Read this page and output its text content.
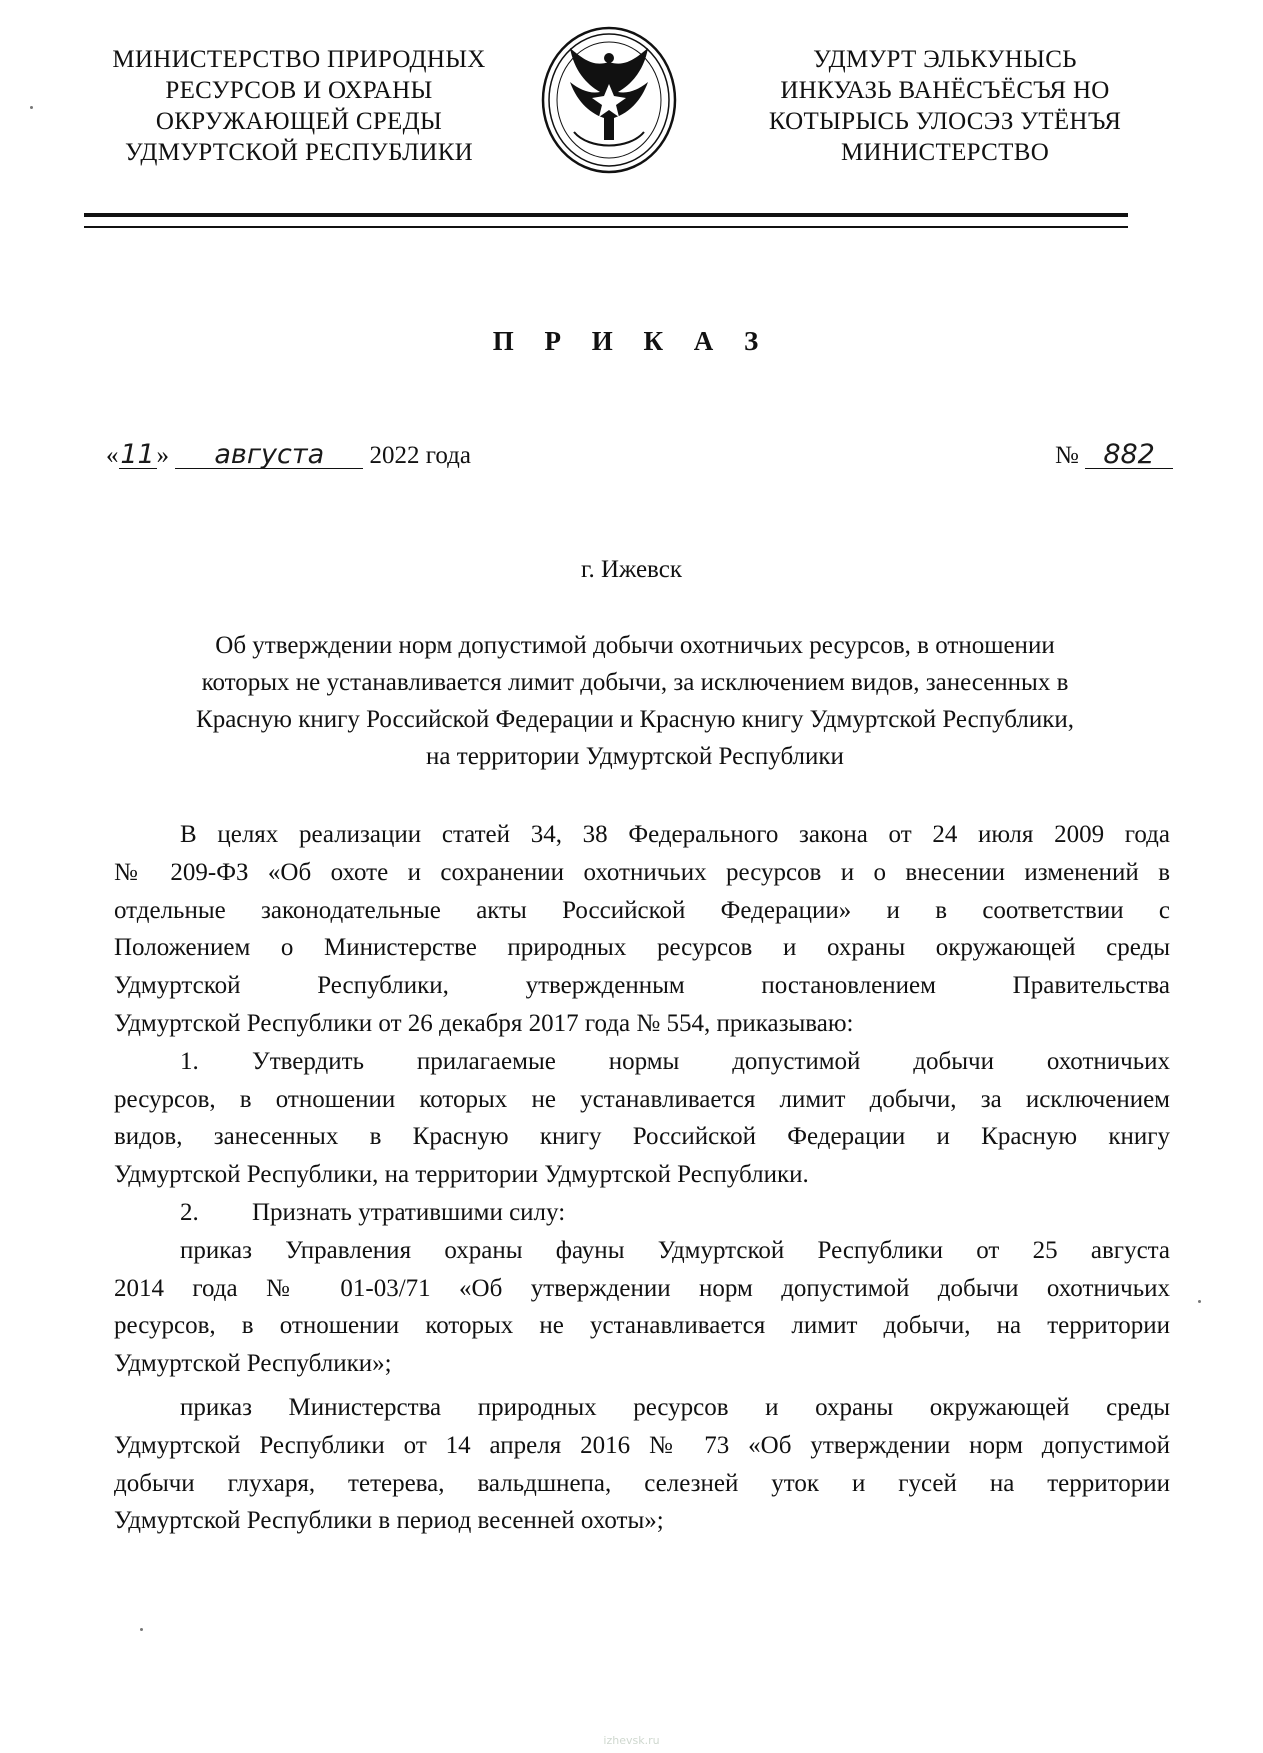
МИНИСТЕРСТВО ПРИРОДНЫХ
РЕСУРСОВ И ОХРАНЫ
ОКРУЖАЮЩЕЙ СРЕДЫ
УДМУРТСКОЙ РЕСПУБЛИКИ
УДМУРТ ЭЛЬКУНЫСЬ
ИНКУАЗЬ ВАНЁСЪЁСЪЯ НО
КОТЫРЫСЬ УЛОСЭЗ УТЁНЪЯ
МИНИСТЕРСТВО
П Р И К А З
«11» августа 2022 года	№ 882
г. Ижевск
Об утверждении норм допустимой добычи охотничьих ресурсов, в отношении
которых не устанавливается лимит добычи, за исключением видов, занесенных в
Красную книгу Российской Федерации и Красную книгу Удмуртской Республики,
на территории Удмуртской Республики
В целях реализации статей 34, 38 Федерального закона от 24 июля 2009 года
№ 209-ФЗ «Об охоте и сохранении охотничьих ресурсов и о внесении изменений в
отдельные законодательные акты Российской Федерации» и в соответствии с
Положением о Министерстве природных ресурсов и охраны окружающей среды
Удмуртской Республики, утвержденным постановлением Правительства
Удмуртской Республики от 26 декабря 2017 года № 554, приказываю:
1. Утвердить прилагаемые нормы допустимой добычи охотничьих
ресурсов, в отношении которых не устанавливается лимит добычи, за исключением
видов, занесенных в Красную книгу Российской Федерации и Красную книгу
Удмуртской Республики, на территории Удмуртской Республики.
2. Признать утратившими силу:
приказ Управления охраны фауны Удмуртской Республики от 25 августа
2014 года № 01-03/71 «Об утверждении норм допустимой добычи охотничьих
ресурсов, в отношении которых не устанавливается лимит добычи, на территории
Удмуртской Республики»;
приказ Министерства природных ресурсов и охраны окружающей среды
Удмуртской Республики от 14 апреля 2016 № 73 «Об утверждении норм допустимой
добычи глухаря, тетерева, вальдшнепа, селезней уток и гусей на территории
Удмуртской Республики в период весенней охоты»;
izhevsk.ru
